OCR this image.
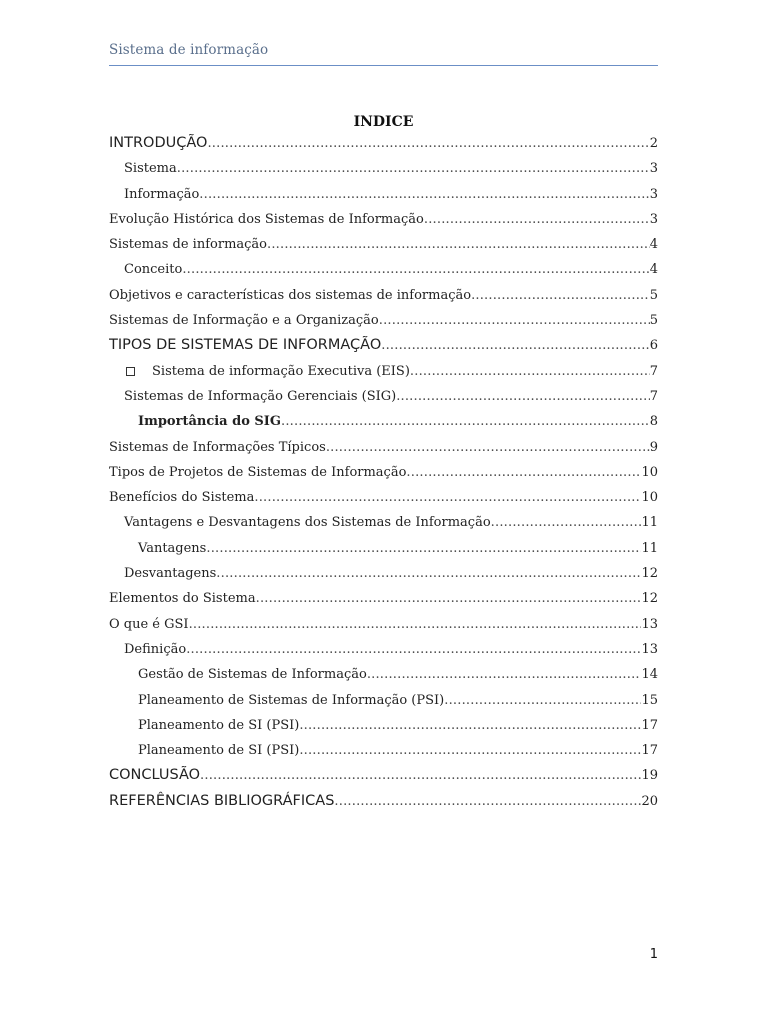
Sistema de informação
INDICE
INTRODUÇÃO .....	2
Sistema .....	3
Informação .....	3
Evolução Histórica dos Sistemas de Informação .....	3
Sistemas de informação .....	4
Conceito .....	4
Objetivos e características dos sistemas de informação .....	5
Sistemas de Informação e a Organização .....	5
TIPOS DE SISTEMAS DE INFORMAÇÃO .....	6
Sistema de informação Executiva (EIS) .....	7
Sistemas de Informação Gerenciais (SIG) .....	7
Importância do SIG .....	8
Sistemas de Informações Típicos .....	9
Tipos de Projetos de Sistemas de Informação .....	10
Benefícios do Sistema .....	10
Vantagens e Desvantagens dos Sistemas de Informação .....	11
Vantagens .....	11
Desvantagens .....	12
Elementos do Sistema .....	12
O que é GSI .....	13
Definição .....	13
Gestão de Sistemas de Informação .....	14
Planeamento de Sistemas de Informação (PSI) .....	15
Planeamento de SI (PSI) .....	17
Planeamento de SI (PSI) .....	17
CONCLUSÃO .....	19
REFERÊNCIAS BIBLIOGRÁFICAS .....	20
1
